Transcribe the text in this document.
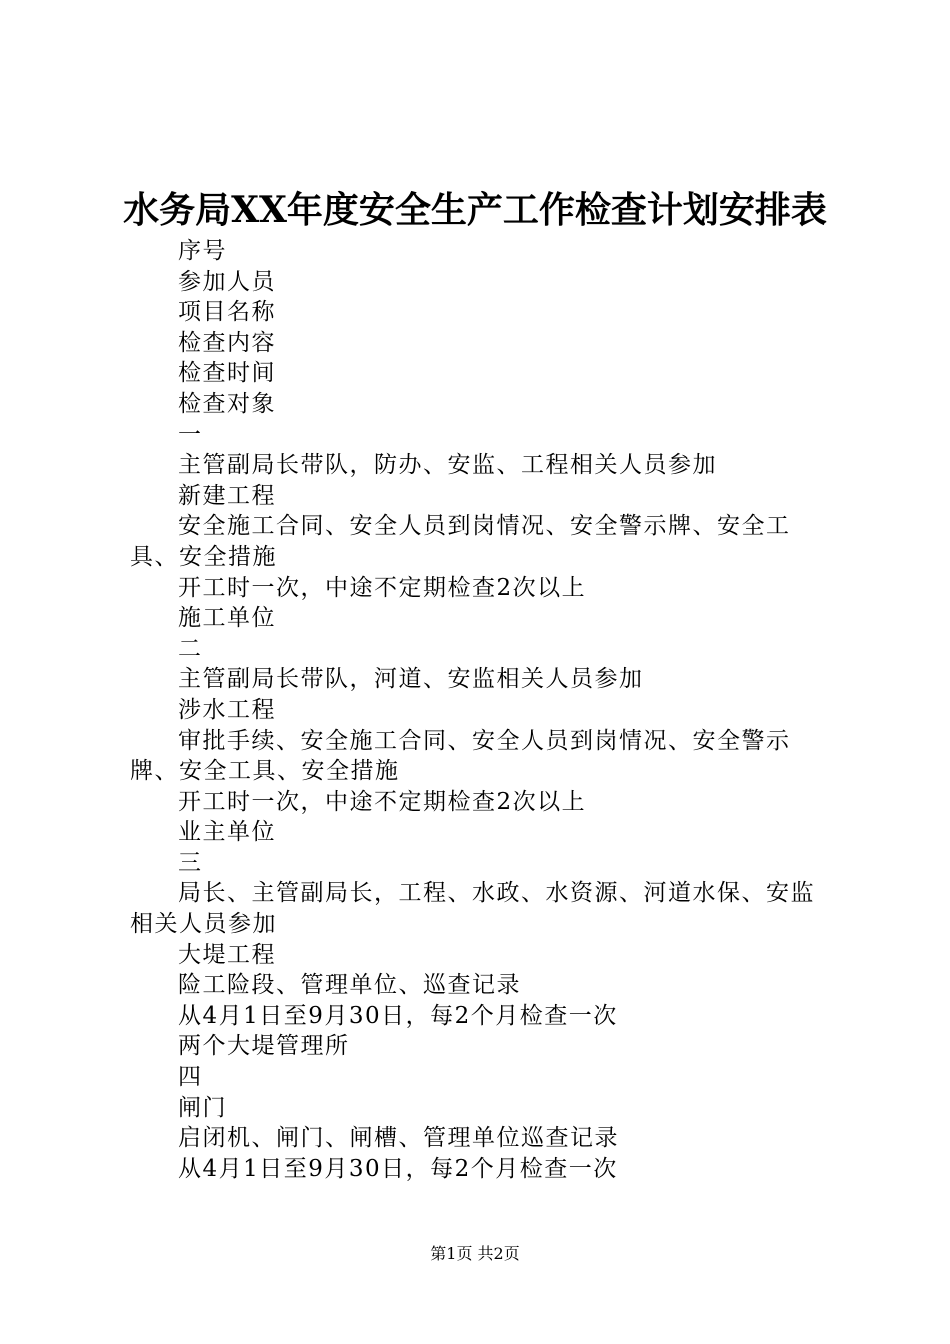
水务局XX年度安全生产工作检查计划安排表

序号

参加人员

项目名称

检查内容

检查时间

检查对象

一

主管副局长带队，防办、安监、工程相关人员参加

新建工程

安全施工合同、安全人员到岗情况、安全警示牌、安全工具、安全措施

开工时一次，中途不定期检查2次以上

施工单位

二

主管副局长带队，河道、安监相关人员参加

涉水工程

审批手续、安全施工合同、安全人员到岗情况、安全警示牌、安全工具、安全措施

开工时一次，中途不定期检查2次以上

业主单位

三

局长、主管副局长，工程、水政、水资源、河道水保、安监相关人员参加

大堤工程

险工险段、管理单位、巡查记录

从4月1日至9月30日，每2个月检查一次

两个大堤管理所

四

闸门

启闭机、闸门、闸槽、管理单位巡查记录

从4月1日至9月30日，每2个月检查一次

第1页 共2页
